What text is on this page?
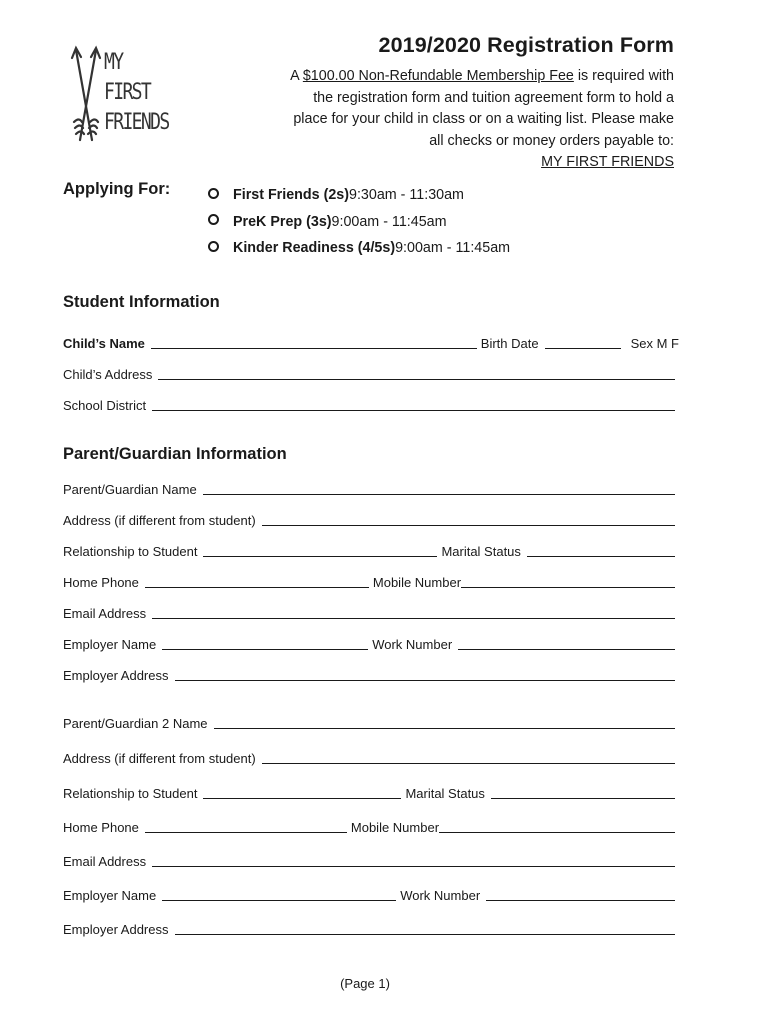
MY
FIRST
FRIENDS
2019/2020 Registration Form

A $100.00 Non-Refundable Membership Fee is required with

the registration form and tuition agreement form to hold a

place for your child in class or on a waiting list. Please make

all checks or money orders payable to:

MY FIRST FRIENDS

Applying For:	First Friends (2s) 9:30am - 11:30am
PreK Prep (3s) 9:00am - 11:45am
Kinder Readiness (4/5s) 9:00am - 11:45am
Student Information
Child’s Name	Birth Date	Sex M F
Child’s Address
School District
Parent/Guardian Information
Parent/Guardian Name
Address (if different from student)
Relationship to Student	Marital Status
Home Phone	Mobile Number
Email Address
Employer Name	Work Number
Employer Address
Parent/Guardian 2 Name
Address (if different from student)
Relationship to Student	Marital Status
Home Phone	Mobile Number
Email Address
Employer Name	Work Number
Employer Address
(Page 1)
